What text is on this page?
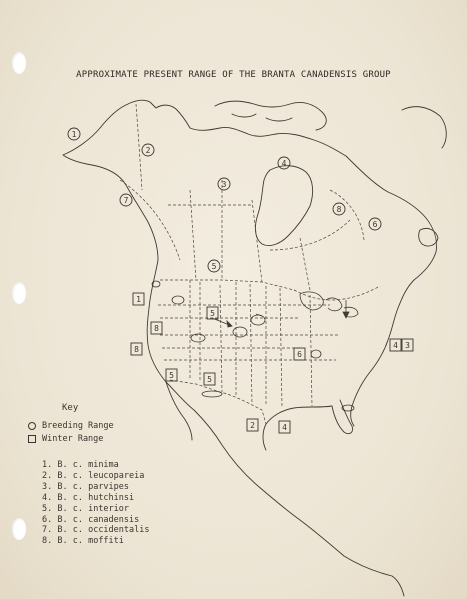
APPROXIMATE PRESENT RANGE OF THE BRANTA CANADENSIS GROUP
1
2
3
4
5
6
7
8
1
8
8
5
5	5
6
4 3
2	4
Key
Breeding Range
Winter Range
1. B. c. minima
2. B. c. leucopareia
3. B. c. parvipes
4. B. c. hutchinsi
5. B. c. interior
6. B. c. canadensis
7. B. c. occidentalis
8. B. c. moffiti
